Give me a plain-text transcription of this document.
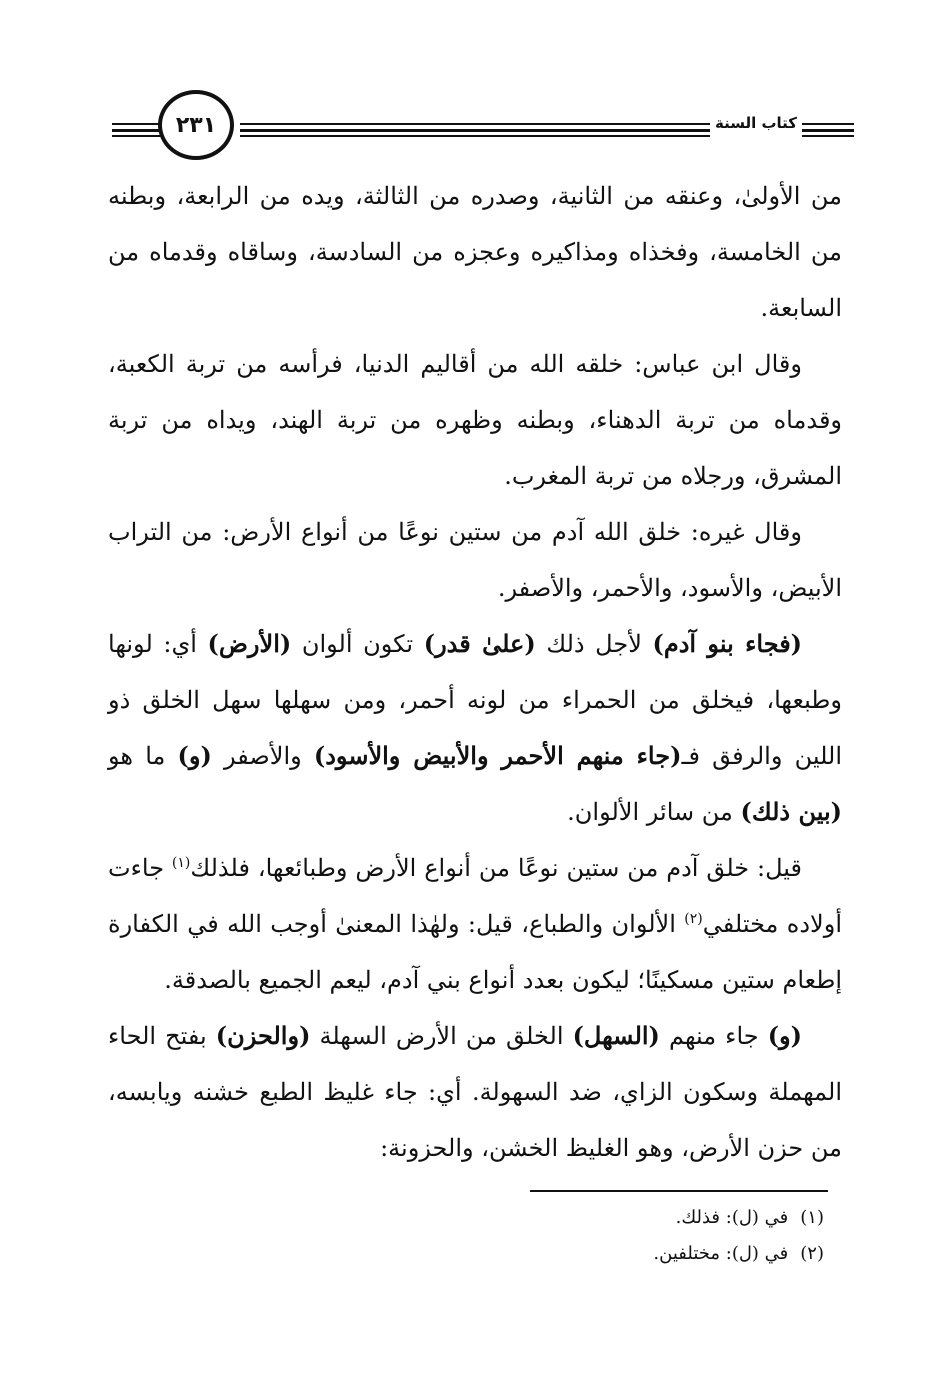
٢٣١	كتاب السنة

من الأولىٰ، وعنقه من الثانية، وصدره من الثالثة، ويده من الرابعة، وبطنه من الخامسة، وفخذاه ومذاكيره وعجزه من السادسة، وساقاه وقدماه من السابعة.

وقال ابن عباس: خلقه الله من أقاليم الدنيا، فرأسه من تربة الكعبة، وقدماه من تربة الدهناء، وبطنه وظهره من تربة الهند، ويداه من تربة المشرق، ورجلاه من تربة المغرب.

وقال غيره: خلق الله آدم من ستين نوعًا من أنواع الأرض: من التراب الأبيض، والأسود، والأحمر، والأصفر.

(فجاء بنو آدم) لأجل ذلك (علىٰ قدر) تكون ألوان (الأرض) أي: لونها وطبعها، فيخلق من الحمراء من لونه أحمر، ومن سهلها سهل الخلق ذو اللين والرفق فـ(جاء منهم الأحمر والأبيض والأسود) والأصفر (و) ما هو (بين ذلك) من سائر الألوان.

قيل: خلق آدم من ستين نوعًا من أنواع الأرض وطبائعها، فلذلك$^{(١)}$ جاءت أولاده مختلفي$^{(٢)}$ الألوان والطباع، قيل: ولهٰذا المعنىٰ أوجب الله في الكفارة إطعام ستين مسكينًا؛ ليكون بعدد أنواع بني آدم، ليعم الجميع بالصدقة.

(و) جاء منهم (السهل) الخلق من الأرض السهلة (والحزن) بفتح الحاء المهملة وسكون الزاي، ضد السهولة. أي: جاء غليظ الطبع خشنه ويابسه، من حزن الأرض، وهو الغليظ الخشن، والحزونة:

(١) في (ل): فذلك.

(٢) في (ل): مختلفين.
